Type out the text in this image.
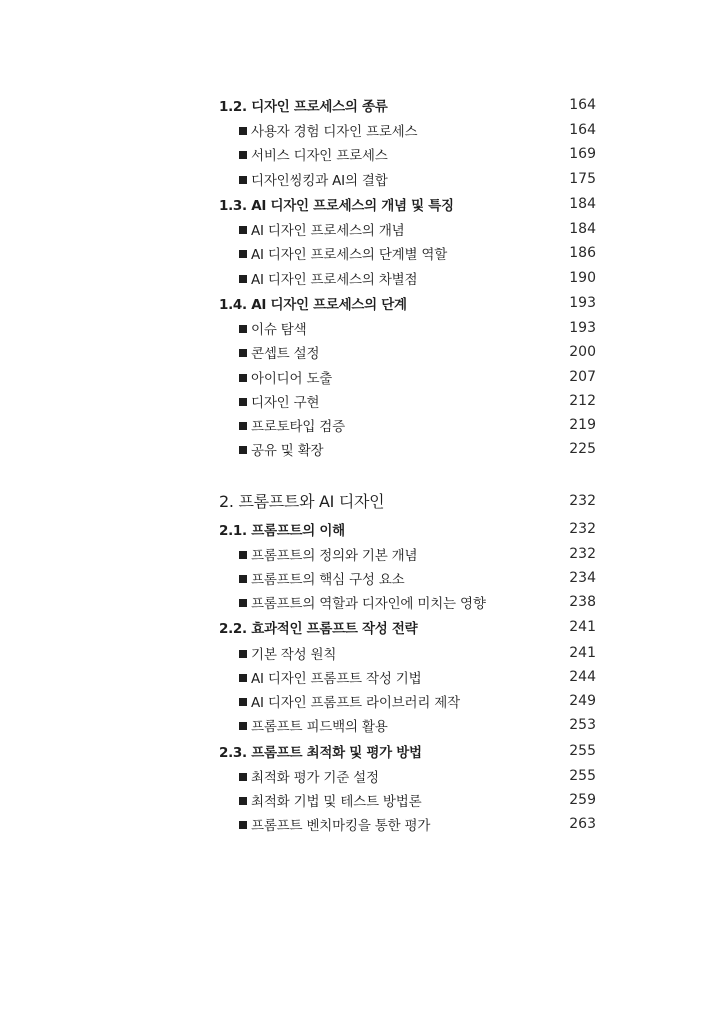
1.2. 디자인 프로세스의 종류	164
사용자 경험 디자인 프로세스	164
서비스 디자인 프로세스	169
디자인씽킹과 AI의 결합	175
1.3. AI 디자인 프로세스의 개념 및 특징	184
AI 디자인 프로세스의 개념	184
AI 디자인 프로세스의 단계별 역할	186
AI 디자인 프로세스의 차별점	190
1.4. AI 디자인 프로세스의 단계	193
이슈 탐색	193
콘셉트 설정	200
아이디어 도출	207
디자인 구현	212
프로토타입 검증	219
공유 및 확장	225
2. 프롬프트와 AI 디자인	232
2.1. 프롬프트의 이해	232
프롬프트의 정의와 기본 개념	232
프롬프트의 핵심 구성 요소	234
프롬프트의 역할과 디자인에 미치는 영향	238
2.2. 효과적인 프롬프트 작성 전략	241
기본 작성 원칙	241
AI 디자인 프롬프트 작성 기법	244
AI 디자인 프롬프트 라이브러리 제작	249
프롬프트 피드백의 활용	253
2.3. 프롬프트 최적화 및 평가 방법	255
최적화 평가 기준 설정	255
최적화 기법 및 테스트 방법론	259
프롬프트 벤치마킹을 통한 평가	263
